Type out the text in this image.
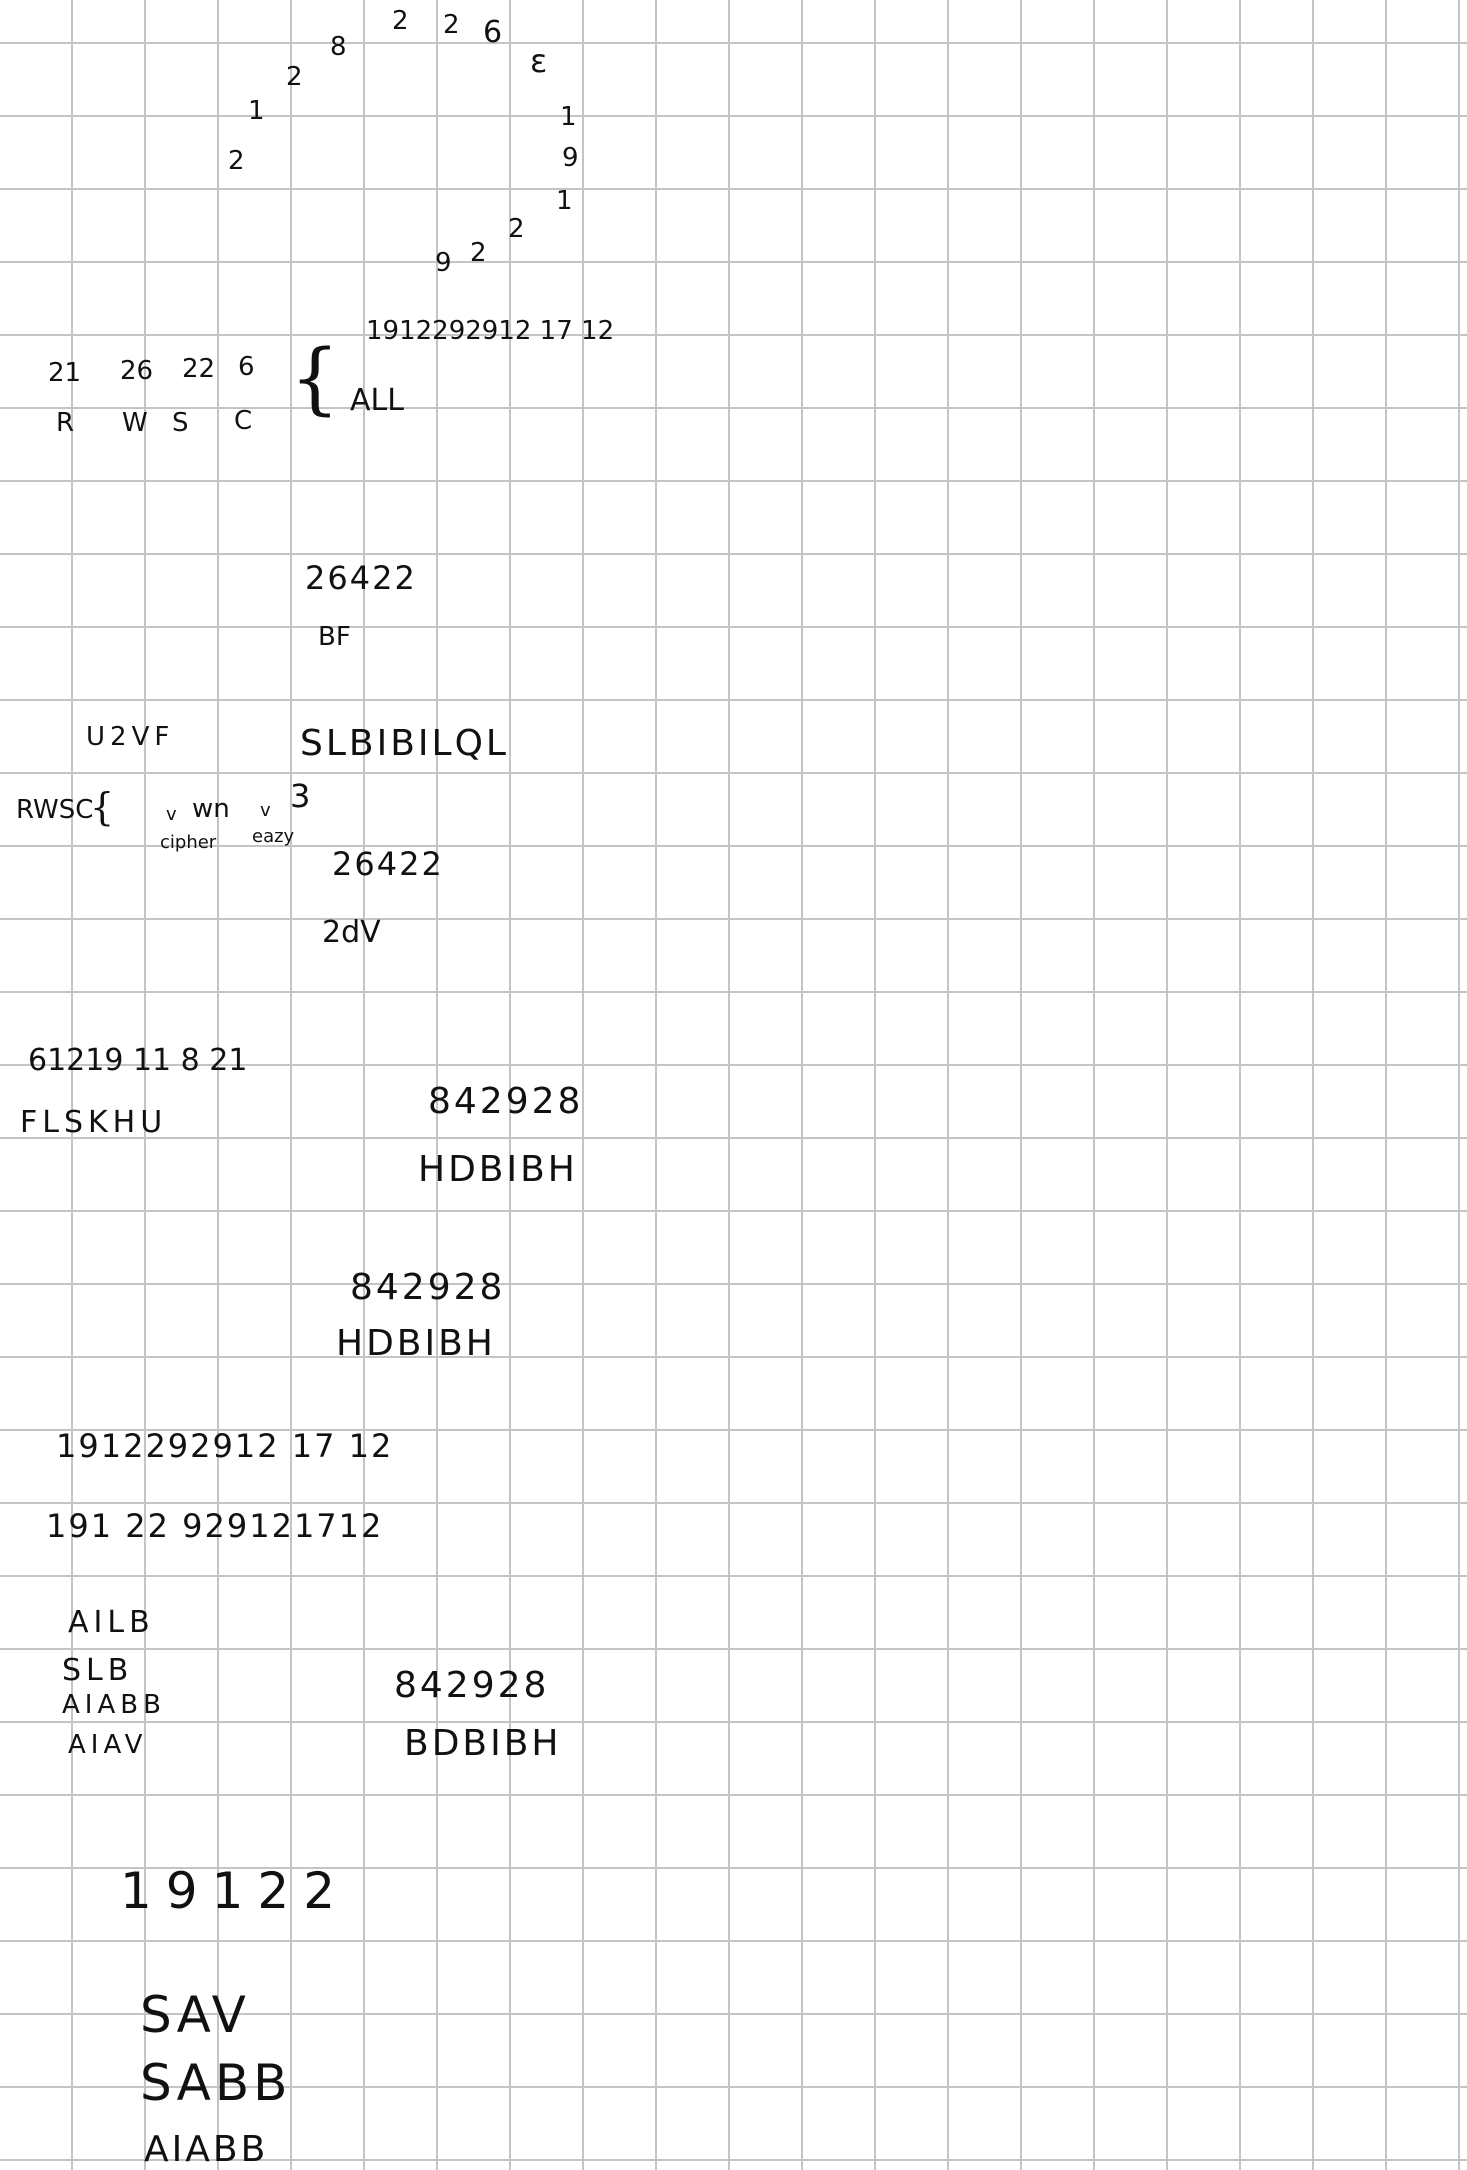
1
2
2
8
2 2 6
ε
1
9
1
2
2
9
1912292912 17 12
21 26 22 6
R W S C { ALL
26422
BF
U2VF	SLBIBILQL
RWSC
{	v wn v 3
cipher eazy
26422
2dV
61219 11 8 21
FLSKHU
842928
HDBIBH
842928
HDBIBH
1912292912 17 12
191 22 929121712
AILB
SLB
AIABB
AIAV
842928
BDBIBH
19122
SAV
SABB
AIABB
